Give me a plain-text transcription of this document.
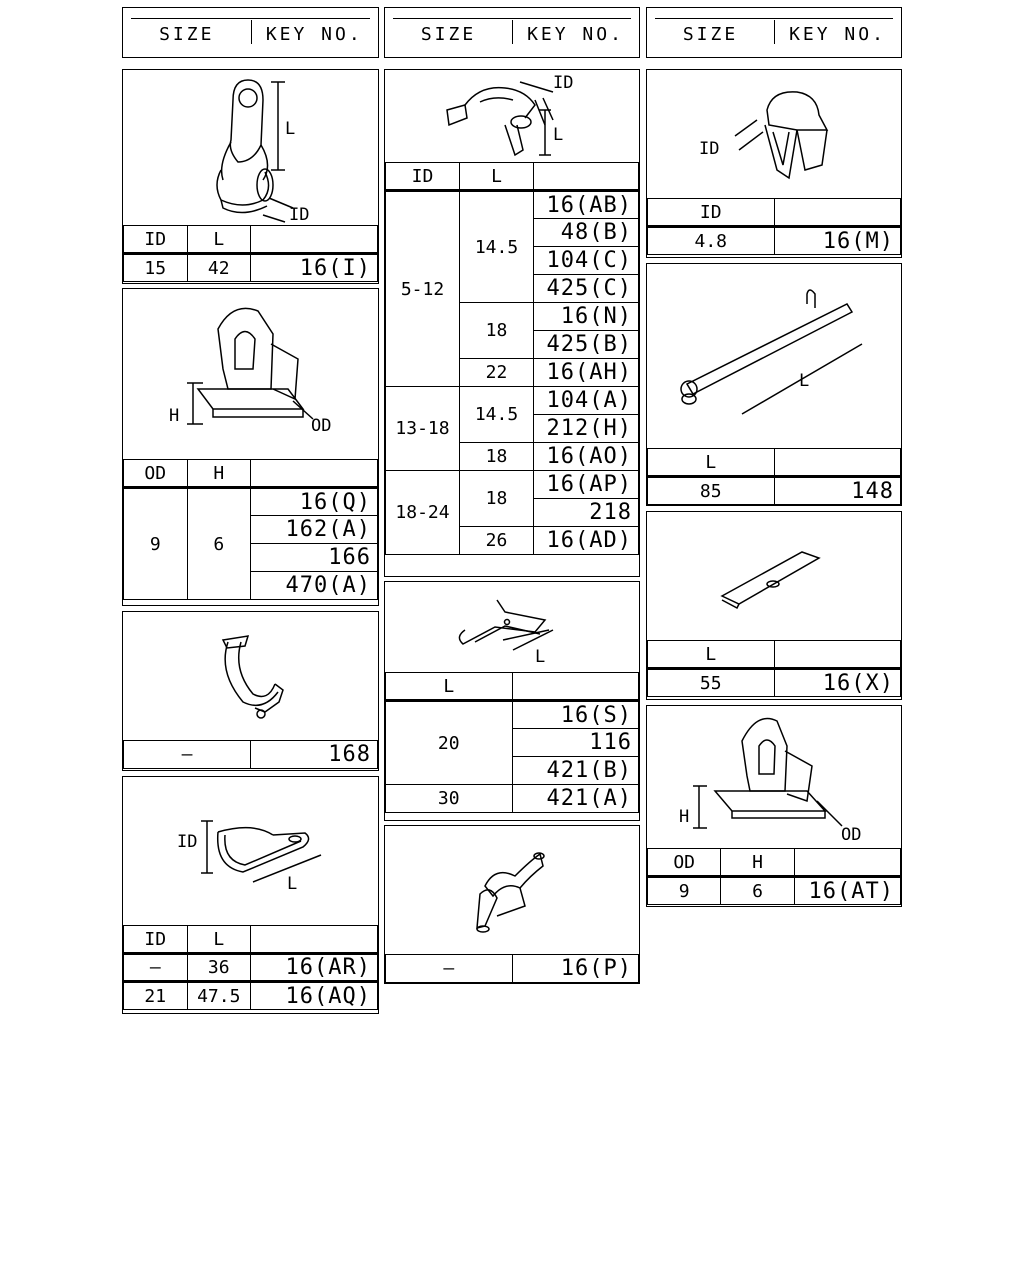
SIZE	KEY NO.	SIZE	KEY NO.	SIZE	KEY NO.
L
ID
ID	L	
15	42	16(I)
H	OD
OD	H	
9	6	16(Q)
		162(A)
		166
		470(A)
–	168
ID
L
ID	L	
–	36	16(AR)
21	47.5	16(AQ)
ID
L
ID	L	
5-12	14.5	16(AB)
		48(B)
		104(C)
		425(C)
	18	16(N)
		425(B)
	22	16(AH)
13-18	14.5	104(A)
		212(H)
	18	16(AO)
18-24	18	16(AP)
		218
	26	16(AD)
L
L	
20	16(S)
	116
	421(B)
30	421(A)
–	16(P)
ID
ID	
4.8	16(M)
L
L	
85	148
L	
55	16(X)
H
OD
OD	H	
9	6	16(AT)
